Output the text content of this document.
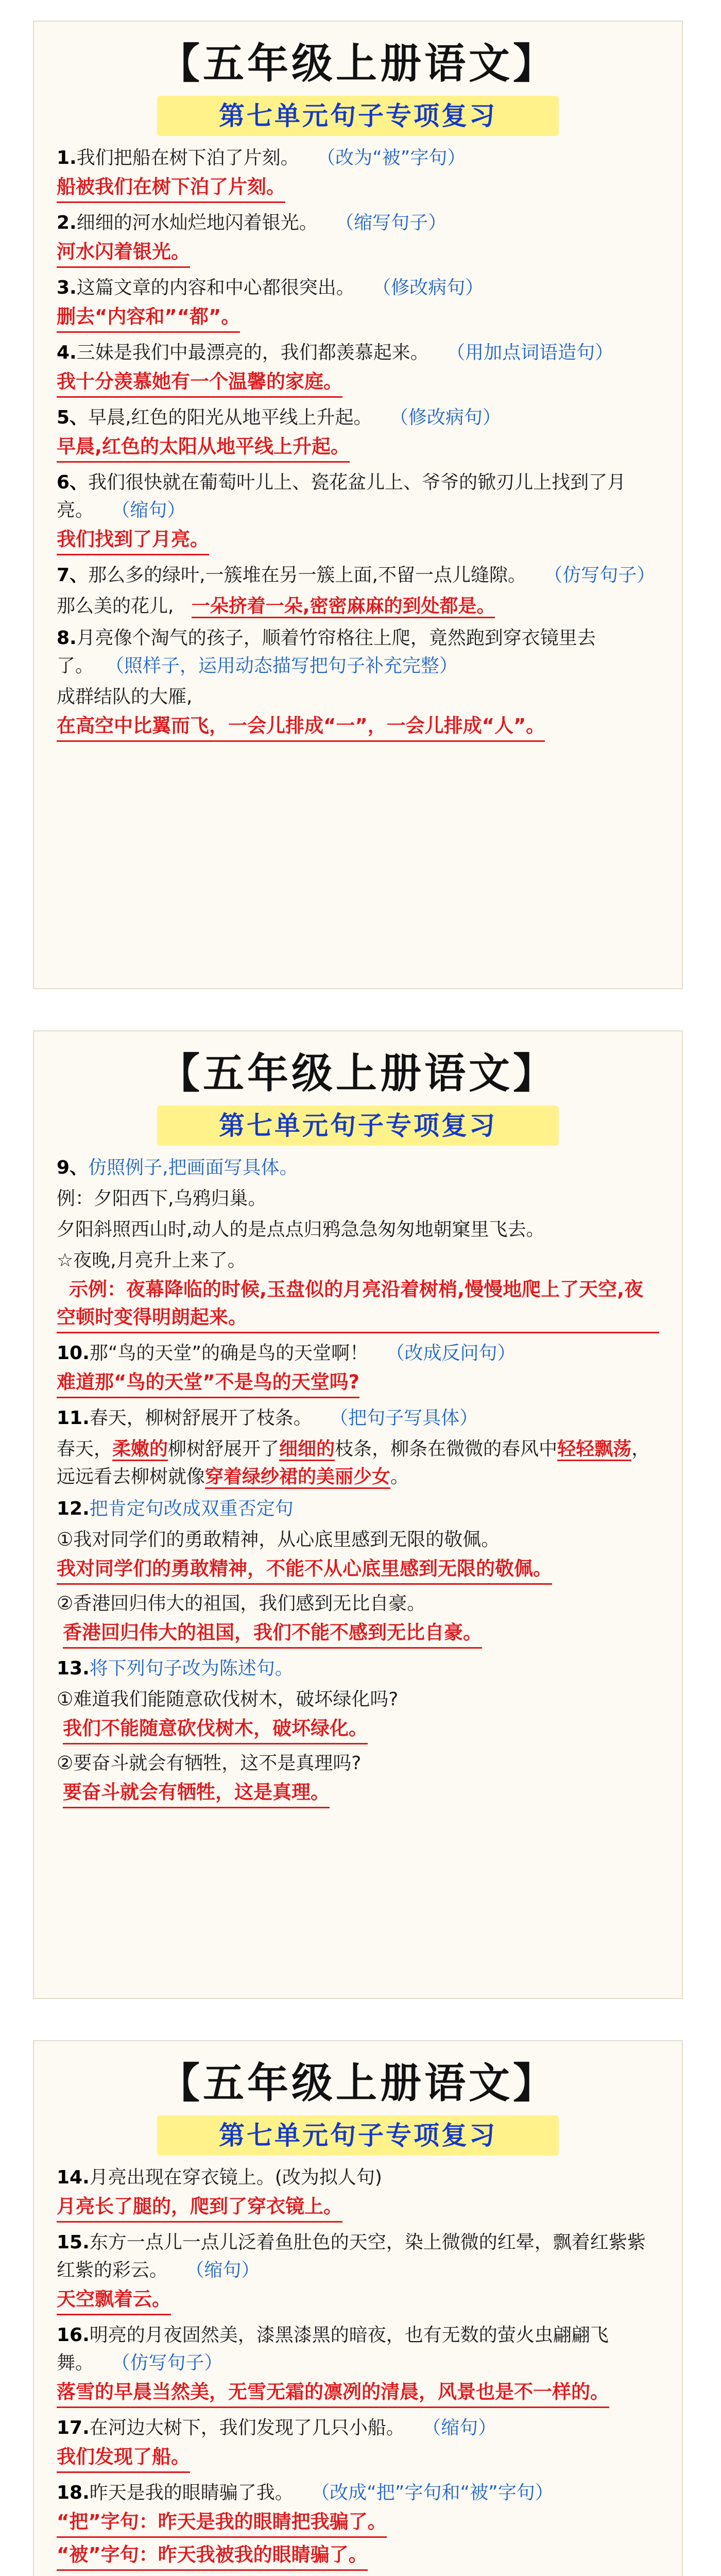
【五年级上册语文】
第七单元句子专项复习
1.我们把船在树下泊了片刻。 （改为“被”字句）
船被我们在树下泊了片刻。
2.细细的河水灿烂地闪着银光。 （缩写句子）
河水闪着银光。
3.这篇文章的内容和中心都很突出。 （修改病句）
删去“内容和”“都”。
4.三妹是我们中最漂亮的，我们都羡慕起来。 （用加点词语造句）
我十分羡慕她有一个温馨的家庭。
5、早晨,红色的阳光从地平线上升起。 （修改病句）
早晨,红色的太阳从地平线上升起。
6、我们很快就在葡萄叶儿上、瓷花盆儿上、爷爷的锨刃儿上找到了月亮。 （缩句）
我们找到了月亮。
7、那么多的绿叶,一簇堆在另一簇上面,不留一点儿缝隙。 （仿写句子）
那么美的花儿, 一朵挤着一朵,密密麻麻的到处都是。
8.月亮像个淘气的孩子，顺着竹帘格往上爬，竟然跑到穿衣镜里去了。 （照样子，运用动态描写把句子补充完整）
成群结队的大雁,
在高空中比翼而飞，一会儿排成“一”，一会儿排成“人”。
【五年级上册语文】
第七单元句子专项复习
9、仿照例子,把画面写具体。
例：夕阳西下,乌鸦归巢。
夕阳斜照西山时,动人的是点点归鸦急急匆匆地朝窠里飞去。
☆夜晚,月亮升上来了。
示例：夜幕降临的时候,玉盘似的月亮沿着树梢,慢慢地爬上了天空,夜空顿时变得明朗起来。
10.那“鸟的天堂”的确是鸟的天堂啊！ （改成反问句）
难道那“鸟的天堂”不是鸟的天堂吗?
11.春天，柳树舒展开了枝条。 （把句子写具体）
春天，柔嫩的柳树舒展开了细细的枝条，柳条在微微的春风中轻轻飘荡，远远看去柳树就像穿着绿纱裙的美丽少女。
12.把肯定句改成双重否定句
①我对同学们的勇敢精神，从心底里感到无限的敬佩。
我对同学们的勇敢精神，不能不从心底里感到无限的敬佩。
②香港回归伟大的祖国，我们感到无比自豪。
香港回归伟大的祖国，我们不能不感到无比自豪。
13.将下列句子改为陈述句。
①难道我们能随意砍伐树木，破坏绿化吗?
我们不能随意砍伐树木，破坏绿化。
②要奋斗就会有牺牲，这不是真理吗?
要奋斗就会有牺牲，这是真理。
【五年级上册语文】
第七单元句子专项复习
14.月亮出现在穿衣镜上。(改为拟人句)
月亮长了腿的，爬到了穿衣镜上。
15.东方一点儿一点儿泛着鱼肚色的天空，染上微微的红晕，飘着红紫紫红紫的彩云。 （缩句）
天空飘着云。
16.明亮的月夜固然美，漆黑漆黑的暗夜，也有无数的萤火虫翩翩飞舞。 （仿写句子）
落雪的早晨当然美，无雪无霜的凛冽的清晨，风景也是不一样的。
17.在河边大树下，我们发现了几只小船。 （缩句）
我们发现了船。
18.昨天是我的眼睛骗了我。 （改成“把”字句和“被”字句）
“把”字句：昨天是我的眼睛把我骗了。
“被”字句：昨天我被我的眼睛骗了。
